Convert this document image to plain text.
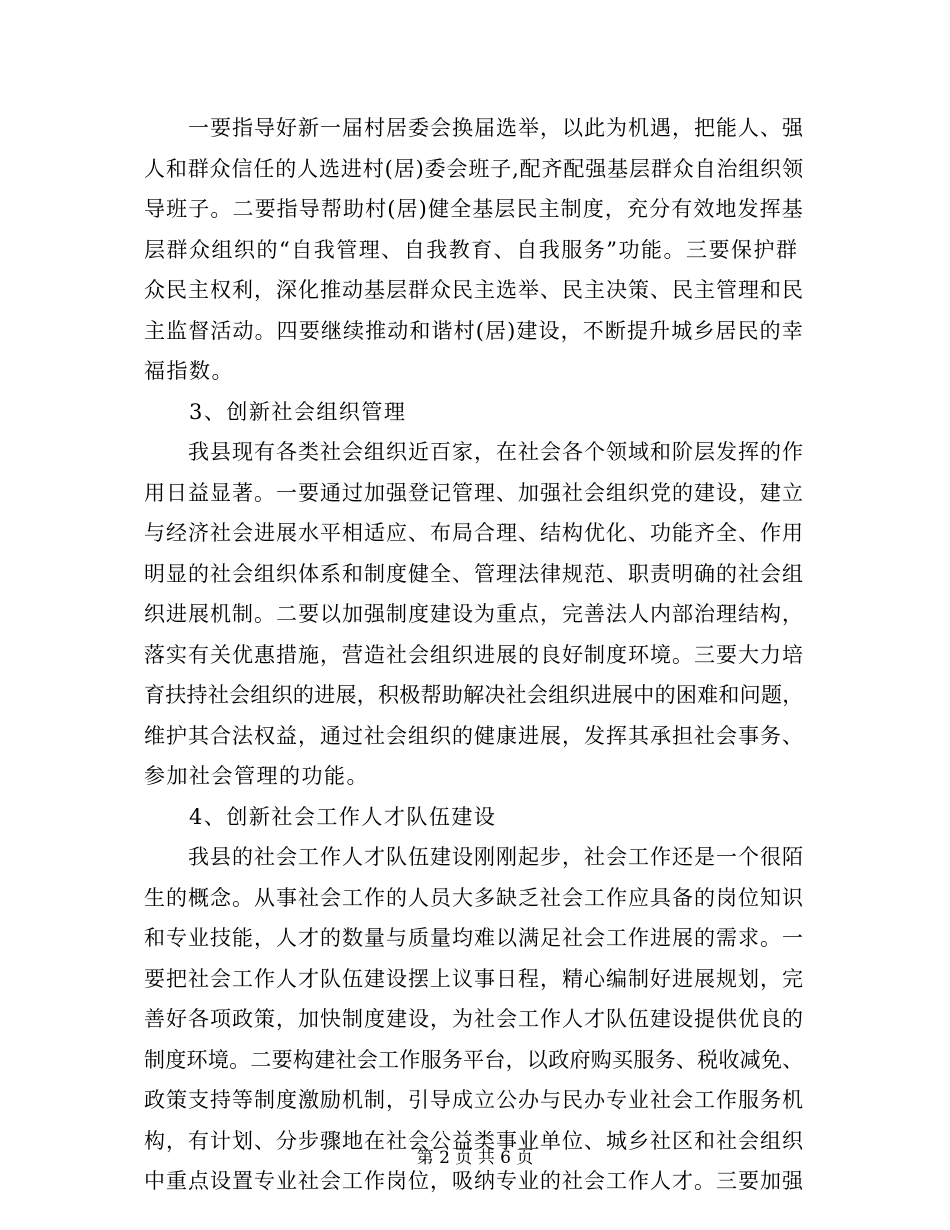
　　一要指导好新一届村居委会换届选举，以此为机遇，把能人、强
人和群众信任的人选进村(居)委会班子,配齐配强基层群众自治组织领
导班子。二要指导帮助村(居)健全基层民主制度，充分有效地发挥基
层群众组织的“自我管理、自我教育、自我服务”功能。三要保护群
众民主权利，深化推动基层群众民主选举、民主决策、民主管理和民
主监督活动。四要继续推动和谐村(居)建设，不断提升城乡居民的幸
福指数。
　　3、创新社会组织管理
　　我县现有各类社会组织近百家，在社会各个领域和阶层发挥的作
用日益显著。一要通过加强登记管理、加强社会组织党的建设，建立
与经济社会进展水平相适应、布局合理、结构优化、功能齐全、作用
明显的社会组织体系和制度健全、管理法律规范、职责明确的社会组
织进展机制。二要以加强制度建设为重点，完善法人内部治理结构，
落实有关优惠措施，营造社会组织进展的良好制度环境。三要大力培
育扶持社会组织的进展，积极帮助解决社会组织进展中的困难和问题，
维护其合法权益，通过社会组织的健康进展，发挥其承担社会事务、
参加社会管理的功能。
　　4、创新社会工作人才队伍建设
　　我县的社会工作人才队伍建设刚刚起步，社会工作还是一个很陌
生的概念。从事社会工作的人员大多缺乏社会工作应具备的岗位知识
和专业技能，人才的数量与质量均难以满足社会工作进展的需求。一
要把社会工作人才队伍建设摆上议事日程，精心编制好进展规划，完
善好各项政策，加快制度建设，为社会工作人才队伍建设提供优良的
制度环境。二要构建社会工作服务平台，以政府购买服务、税收减免、
政策支持等制度激励机制，引导成立公办与民办专业社会工作服务机
构，有计划、分步骤地在社会公益类事业单位、城乡社区和社会组织
中重点设置专业社会工作岗位，吸纳专业的社会工作人才。三要加强
第 2 页 共 6 页
